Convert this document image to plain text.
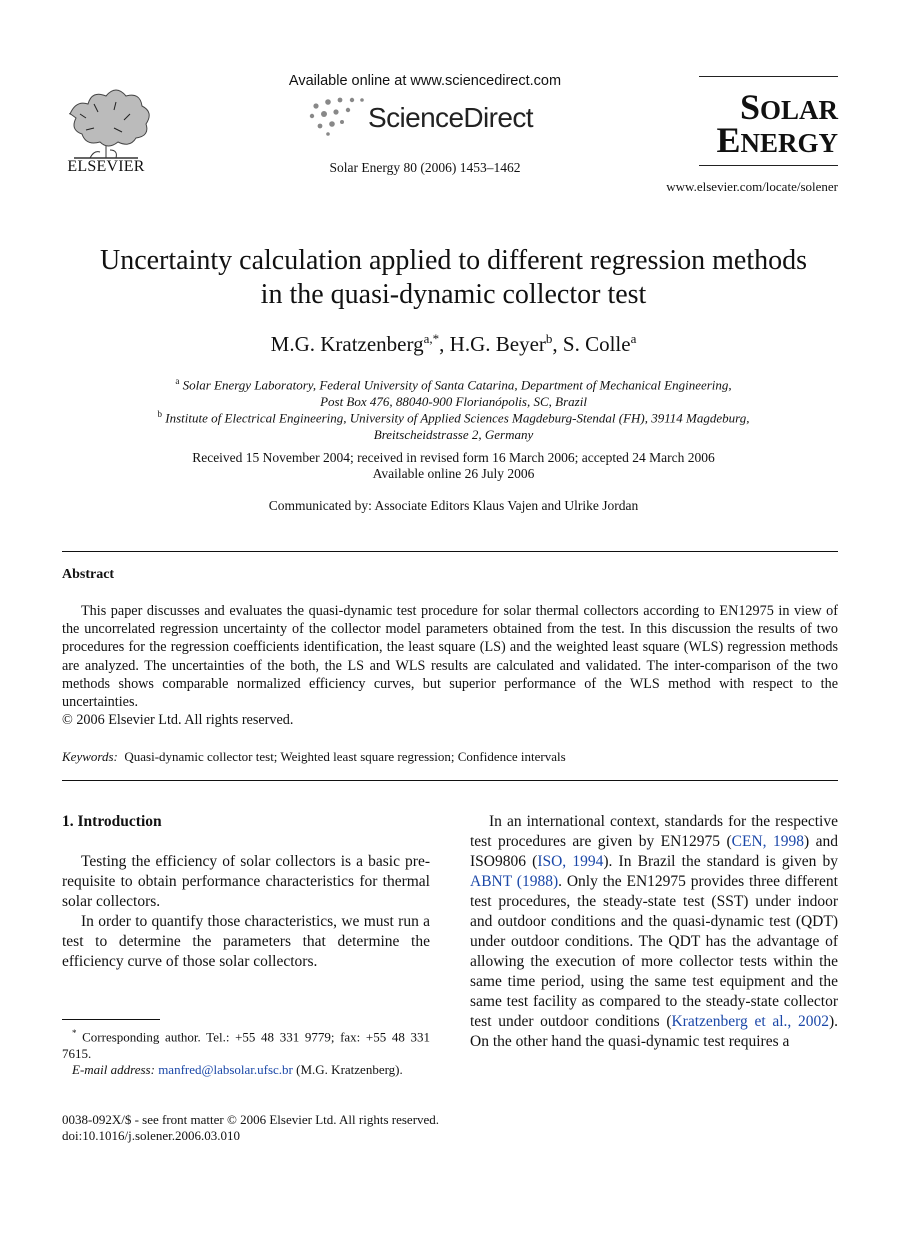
ELSEVIER
Available online at www.sciencedirect.com
ScienceDirect
Solar Energy 80 (2006) 1453–1462
SOLAR
ENERGY
www.elsevier.com/locate/solener
Uncertainty calculation applied to different regression methods
in the quasi-dynamic collector test
M.G. Kratzenberg$^{a,*}$, H.G. Beyer$^b$, S. Colle$^a$
$^a$ Solar Energy Laboratory, Federal University of Santa Catarina, Department of Mechanical Engineering,
Post Box 476, 88040-900 Florianópolis, SC, Brazil
$^b$ Institute of Electrical Engineering, University of Applied Sciences Magdeburg-Stendal (FH), 39114 Magdeburg,
Breitscheidstrasse 2, Germany
Received 15 November 2004; received in revised form 16 March 2006; accepted 24 March 2006
Available online 26 July 2006
Communicated by: Associate Editors Klaus Vajen and Ulrike Jordan
Abstract

This paper discusses and evaluates the quasi-dynamic test procedure for solar thermal collectors according to EN12975 in view of the uncorrelated regression uncertainty of the collector model parameters obtained from the test. In this discussion the results of two procedures for the regression coefficients identification, the least square (LS) and the weighted least square (WLS) regression methods are analyzed. The uncertainties of the both, the LS and WLS results are calculated and validated. The inter-comparison of the two methods shows comparable normalized efficiency curves, but superior performance of the WLS method with respect to the uncertainties.

© 2006 Elsevier Ltd. All rights reserved.
Keywords: Quasi-dynamic collector test; Weighted least square regression; Confidence intervals
1. Introduction

Testing the efficiency of solar collectors is a basic pre-requisite to obtain performance characteristics for thermal solar collectors.

In order to quantify those characteristics, we must run a test to determine the parameters that determine the efficiency curve of those solar collectors.

* Corresponding author. Tel.: +55 48 331 9779; fax: +55 48 331 7615.

E-mail address: manfred@labsolar.ufsc.br (M.G. Kratzenberg).

0038-092X/$ - see front matter © 2006 Elsevier Ltd. All rights reserved.
doi:10.1016/j.solener.2006.03.010

In an international context, standards for the respective test procedures are given by EN12975 (CEN, 1998) and ISO9806 (ISO, 1994). In Brazil the standard is given by ABNT (1988). Only the EN12975 provides three different test procedures, the steady-state test (SST) under indoor and outdoor conditions and the quasi-dynamic test (QDT) under outdoor conditions. The QDT has the advantage of allowing the execution of more collector tests within the same time period, using the same test equipment and the same test facility as compared to the steady-state collector test under outdoor conditions (Kratzenberg et al., 2002). On the other hand the quasi-dynamic test requires a
